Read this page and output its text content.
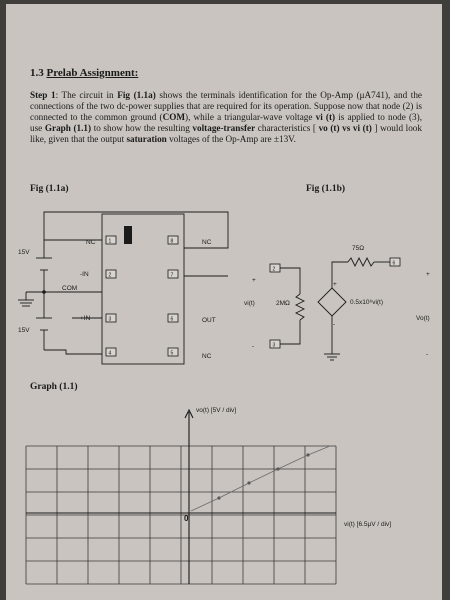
1.3 Prelab Assignment:
Step 1: The circuit in Fig (1.1a) shows the terminals identification for the Op-Amp (μA741), and the connections of the two dc-power supplies that are required for its operation. Suppose now that node (2) is connected to the common ground (COM), while a triangular-wave voltage vi (t) is applied to node (3), use Graph (1.1) to show how the resulting voltage-transfer characteristics [ vo (t) vs vi (t) ] would look like, given that the output saturation voltages of the Op-Amp are ±13V.
Fig (1.1a)	Fig (1.1b)
1
2
3
4	5
6
7
8
NC
-IN
+IN
NC
OUT
NC
15V
15V
COM
2
3
6
75Ω
2MΩ
vi(t)	0.5x10⁶vi(t)
Vo(t)
+
-
+
-
+
-
Graph (1.1)
vo(t) [5V / div]
vi(t) [6.5μV / div]
0
